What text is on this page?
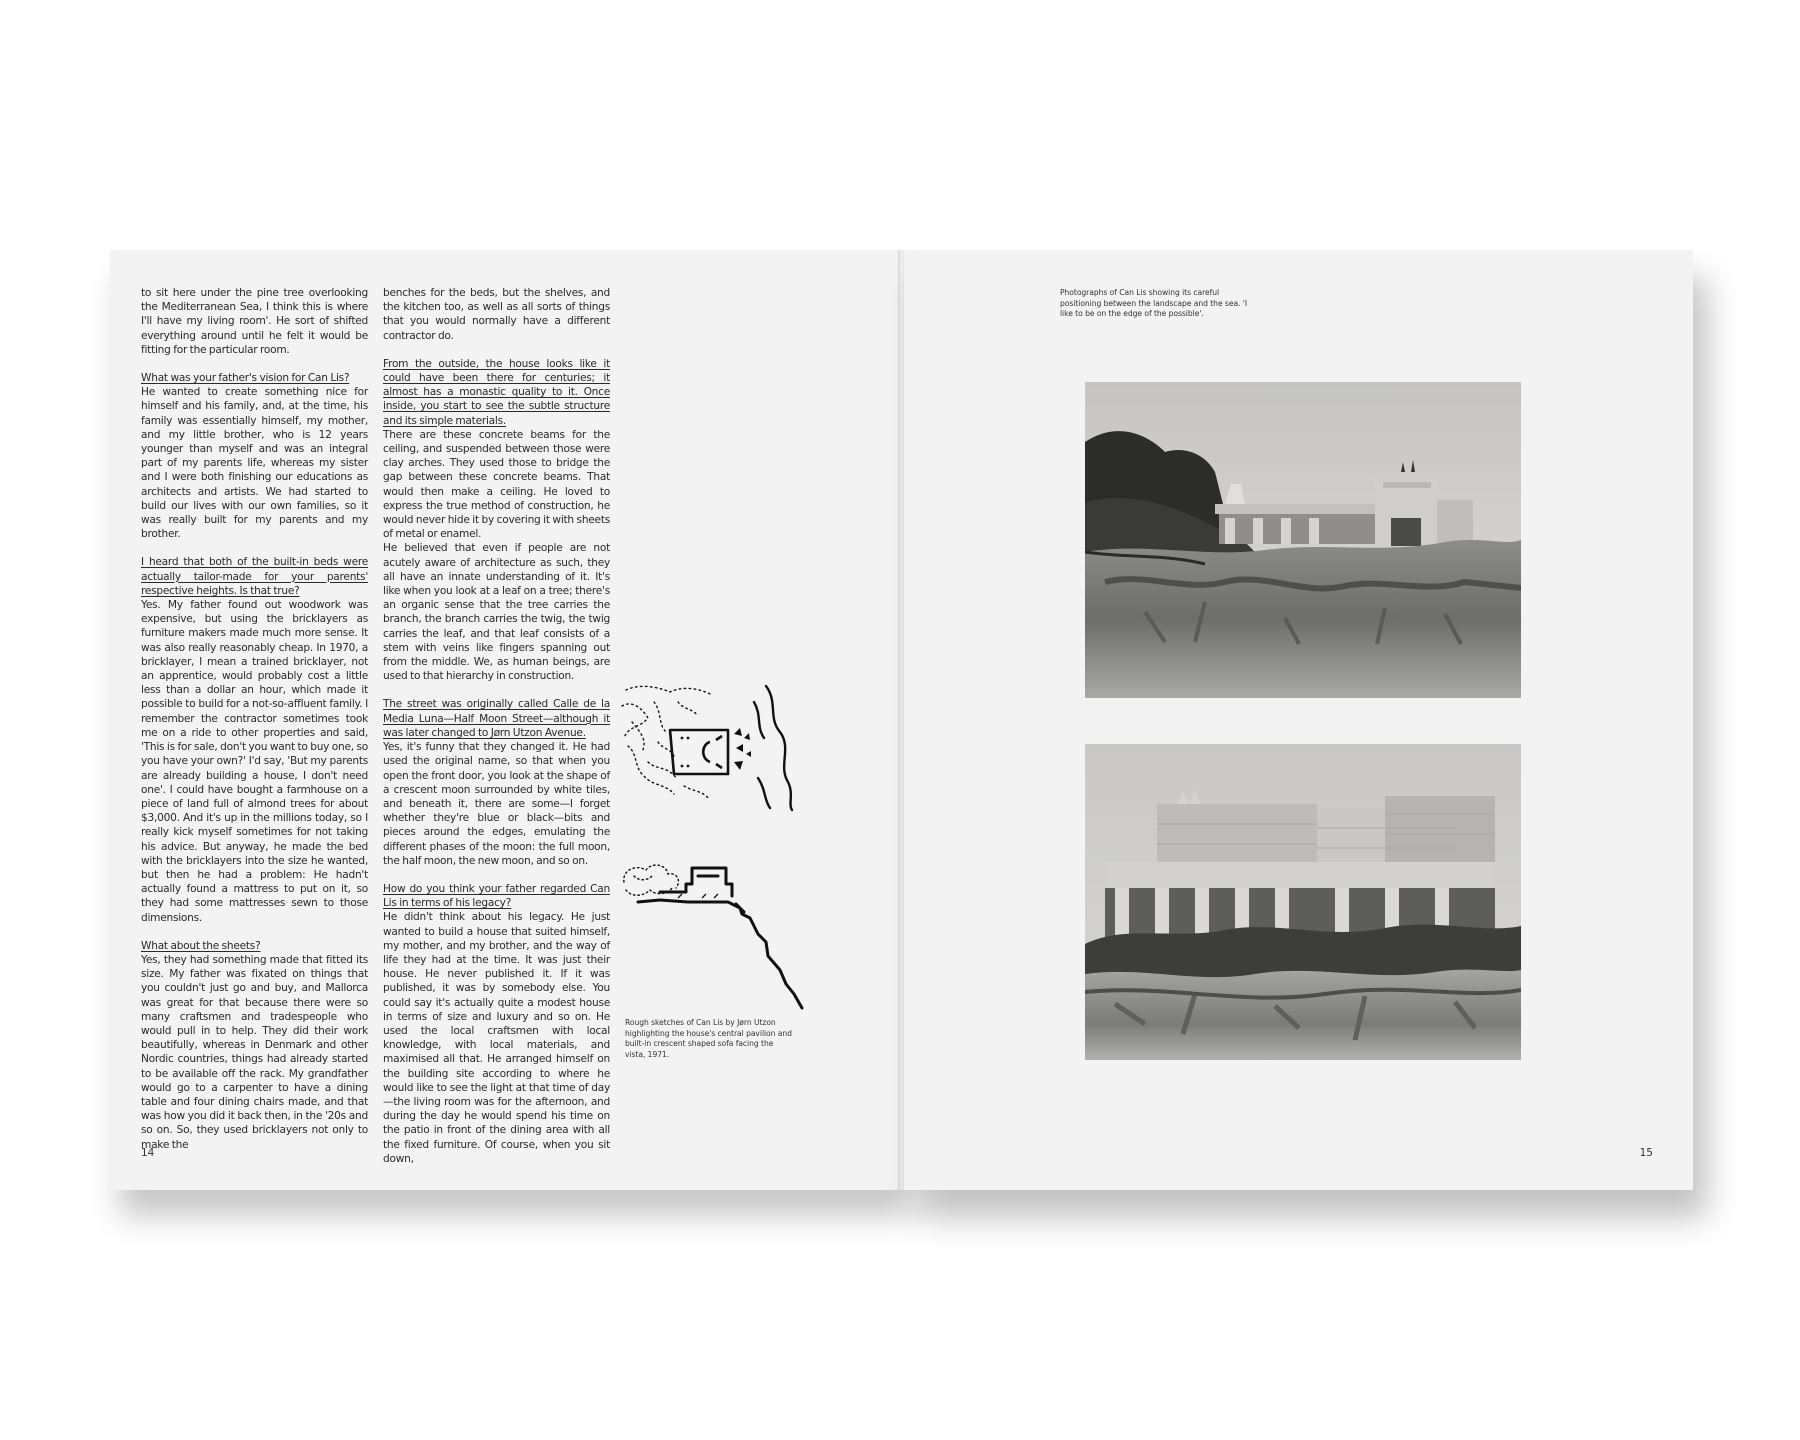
to sit here under the pine tree overlooking the Mediterranean Sea, I think this is where I'll have my living room'. He sort of shifted everything around until he felt it would be fitting for the particular room.

What was your father's vision for Can Lis?

He wanted to create something nice for himself and his family, and, at the time, his family was essentially himself, my mother, and my little brother, who is 12 years younger than myself and was an integral part of my parents life, whereas my sister and I were both finishing our educations as architects and artists. We had started to build our lives with our own families, so it was really built for my parents and my brother.

I heard that both of the built-in beds were actually tailor-made for your parents' respective heights. Is that true?

Yes. My father found out woodwork was expensive, but using the bricklayers as furniture makers made much more sense. It was also really reasonably cheap. In 1970, a bricklayer, I mean a trained bricklayer, not an apprentice, would probably cost a little less than a dollar an hour, which made it possible to build for a not-so-affluent family. I remember the contractor sometimes took me on a ride to other properties and said, 'This is for sale, don't you want to buy one, so you have your own?' I'd say, 'But my parents are already building a house, I don't need one'. I could have bought a farmhouse on a piece of land full of almond trees for about $3,000. And it's up in the millions today, so I really kick myself sometimes for not taking his advice. But anyway, he made the bed with the bricklayers into the size he wanted, but then he had a problem: He hadn't actually found a mattress to put on it, so they had some mattresses sewn to those dimensions.

What about the sheets?

Yes, they had something made that fitted its size. My father was fixated on things that you couldn't just go and buy, and Mallorca was great for that because there were so many craftsmen and tradespeople who would pull in to help. They did their work beautifully, whereas in Denmark and other Nordic countries, things had already started to be available off the rack. My grandfather would go to a carpenter to have a dining table and four dining chairs made, and that was how you did it back then, in the '20s and so on. So, they used bricklayers not only to make the

benches for the beds, but the shelves, and the kitchen too, as well as all sorts of things that you would normally have a different contractor do.

From the outside, the house looks like it could have been there for centuries; it almost has a monastic quality to it. Once inside, you start to see the subtle structure and its simple materials.

There are these concrete beams for the ceiling, and suspended between those were clay arches. They used those to bridge the gap between these concrete beams. That would then make a ceiling. He loved to express the true method of construction, he would never hide it by covering it with sheets of metal or enamel.

He believed that even if people are not acutely aware of architecture as such, they all have an innate understanding of it. It's like when you look at a leaf on a tree; there's an organic sense that the tree carries the branch, the branch carries the twig, the twig carries the leaf, and that leaf consists of a stem with veins like fingers spanning out from the middle. We, as human beings, are used to that hierarchy in construction.

The street was originally called Calle de la Media Luna—Half Moon Street—although it was later changed to Jørn Utzon Avenue.

Yes, it's funny that they changed it. He had used the original name, so that when you open the front door, you look at the shape of a crescent moon surrounded by white tiles, and beneath it, there are some—I forget whether they're blue or black—bits and pieces around the edges, emulating the different phases of the moon: the full moon, the half moon, the new moon, and so on.

How do you think your father regarded Can Lis in terms of his legacy?

He didn't think about his legacy. He just wanted to build a house that suited himself, my mother, and my brother, and the way of life they had at the time. It was just their house. He never published it. If it was published, it was by somebody else. You could say it's actually quite a modest house in terms of size and luxury and so on. He used the local craftsmen with local knowledge, with local materials, and maximised all that. He arranged himself on the building site according to where he would like to see the light at that time of day—the living room was for the afternoon, and during the day he would spend his time on the patio in front of the dining area with all the fixed furniture. Of course, when you sit down,

Rough sketches of Can Lis by Jørn Utzon highlighting the house's central pavilion and built-in crescent shaped sofa facing the vista, 1971.
14
Photographs of Can Lis showing its careful positioning between the landscape and the sea. 'I like to be on the edge of the possible'.
15
